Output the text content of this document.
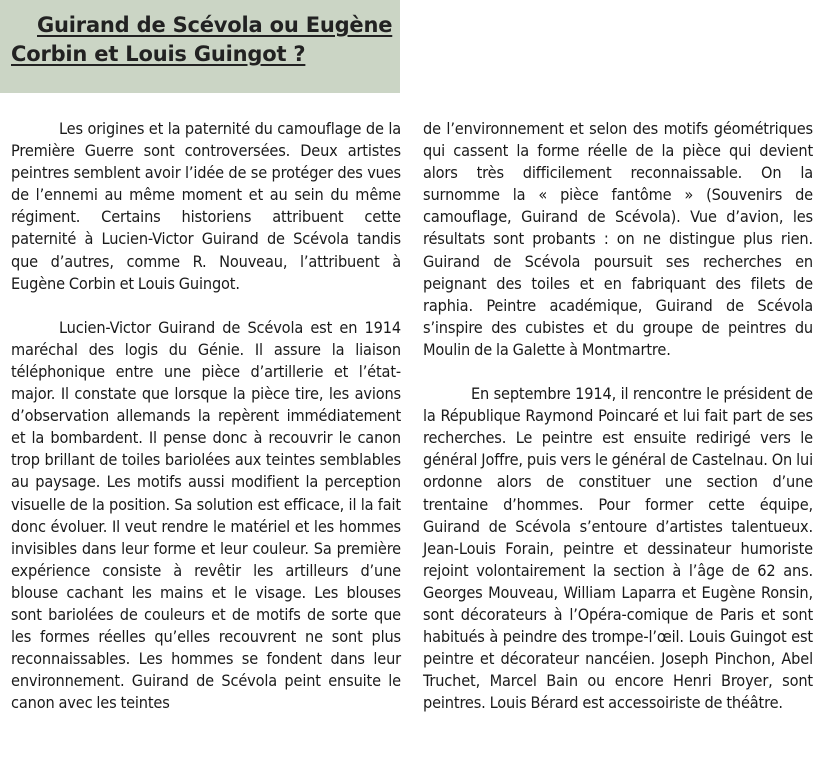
Guirand de Scévola ou Eugène
Corbin et Louis Guingot ?

Les origines et la paternité du camouflage de la Première Guerre sont controversées. Deux artistes peintres semblent avoir l’idée de se protéger des vues de l’ennemi au même moment et au sein du même régiment. Certains historiens attribuent cette paternité à Lucien-Victor Guirand de Scévola tandis que d’autres, comme R. Nouveau, l’attribuent à Eugène Corbin et Louis Guingot.

Lucien-Victor Guirand de Scévola est en 1914 maréchal des logis du Génie. Il assure la liaison téléphonique entre une pièce d’artillerie et l’état-major. Il constate que lorsque la pièce tire, les avions d’observation allemands la repèrent immédiatement et la bombardent. Il pense donc à recouvrir le canon trop brillant de toiles bariolées aux teintes semblables au paysage. Les motifs aussi modifient la perception visuelle de la position. Sa solution est efficace, il la fait donc évoluer. Il veut rendre le matériel et les hommes invisibles dans leur forme et leur couleur. Sa première expérience consiste à revêtir les artilleurs d’une blouse cachant les mains et le visage. Les blouses sont bariolées de couleurs et de motifs de sorte que les formes réelles qu’elles recouvrent ne sont plus reconnaissables. Les hommes se fondent dans leur environnement. Guirand de Scévola peint ensuite le canon avec les teintes

de l’environnement et selon des motifs géométriques qui cassent la forme réelle de la pièce qui devient alors très difficilement reconnaissable. On la surnomme la « pièce fantôme » (Souvenirs de camouflage, Guirand de Scévola). Vue d’avion, les résultats sont probants : on ne distingue plus rien. Guirand de Scévola poursuit ses recherches en peignant des toiles et en fabriquant des filets de raphia. Peintre académique, Guirand de Scévola s’inspire des cubistes et du groupe de peintres du Moulin de la Galette à Montmartre.

En septembre 1914, il rencontre le président de la République Raymond Poincaré et lui fait part de ses recherches. Le peintre est ensuite redirigé vers le général Joffre, puis vers le général de Castelnau. On lui ordonne alors de constituer une section d’une trentaine d’hommes. Pour former cette équipe, Guirand de Scévola s’entoure d’artistes talentueux. Jean-Louis Forain, peintre et dessinateur humoriste rejoint volontairement la section à l’âge de 62 ans. Georges Mouveau, William Laparra et Eugène Ronsin, sont décorateurs à l’Opéra-comique de Paris et sont habitués à peindre des trompe-l’œil. Louis Guingot est peintre et décorateur nancéien. Joseph Pinchon, Abel Truchet, Marcel Bain ou encore Henri Broyer, sont peintres. Louis Bérard est accessoiriste de théâtre.
